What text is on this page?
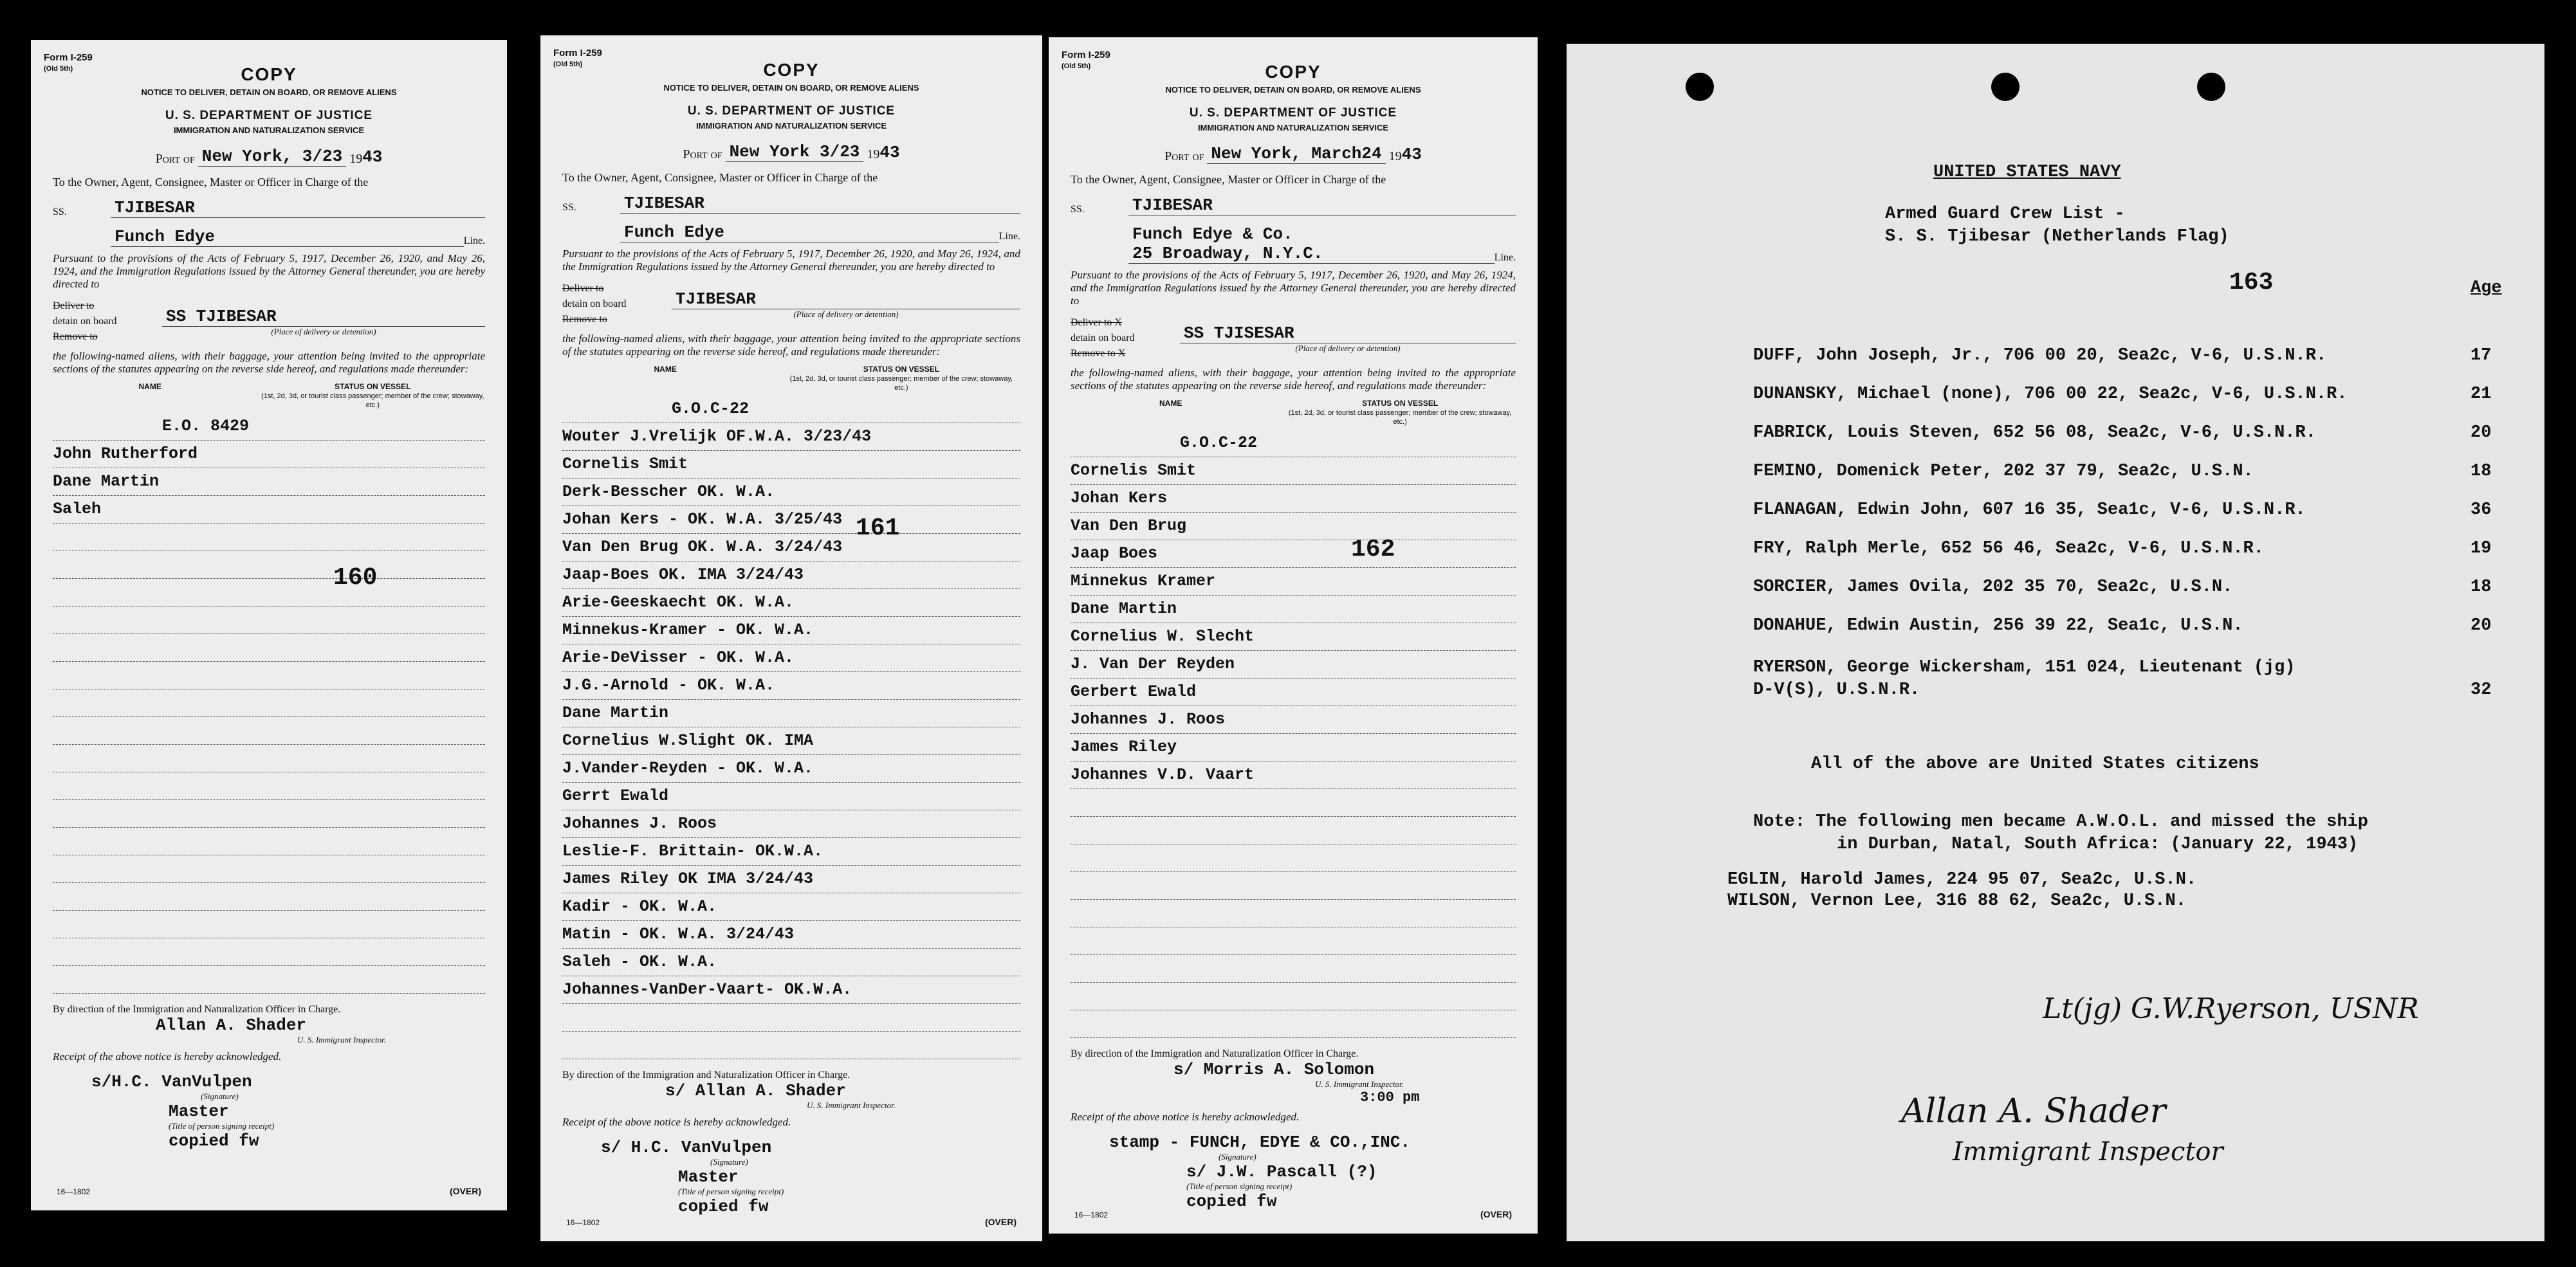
Form I-259
(Old 5th)	COPY
NOTICE TO DELIVER, DETAIN ON BOARD, OR REMOVE ALIENS
U. S. DEPARTMENT OF JUSTICE
IMMIGRATION AND NATURALIZATION SERVICE
Port of
New York, 3/23
19 43
To the Owner, Agent, Consignee, Master or Officer in Charge of the
SS.	TJIBESAR
Funch Edye	Line.
Pursuant to the provisions of the Acts of February 5, 1917, December 26, 1920, and May 26, 1924, and the Immigration Regulations issued by the Attorney General thereunder, you are hereby directed to
Deliver to
detain on board
Remove to
SS TJIBESAR
(Place of delivery or detention)
the following-named aliens, with their baggage, your attention being invited to the appropriate sections of the statutes appearing on the reverse side hereof, and regulations made thereunder:
NAME	STATUS ON VESSEL
(1st, 2d, 3d, or tourist class passenger; member of the crew; stowaway, etc.)
E.O. 8429
John Rutherford
Dane Martin
Saleh
By direction of the Immigration and Naturalization Officer in Charge.
Allan A. Shader
U. S. Immigrant Inspector.
Receipt of the above notice is hereby acknowledged.
s/H.C. VanVulpen
(Signature)
Master
(Title of person signing receipt)
copied fw
16—1802	(OVER)
160
Form I-259
(Old 5th)	COPY
NOTICE TO DELIVER, DETAIN ON BOARD, OR REMOVE ALIENS
U. S. DEPARTMENT OF JUSTICE
IMMIGRATION AND NATURALIZATION SERVICE
Port of
New York 3/23
19 43
To the Owner, Agent, Consignee, Master or Officer in Charge of the
SS.	TJIBESAR
Funch Edye	Line.
Pursuant to the provisions of the Acts of February 5, 1917, December 26, 1920, and May 26, 1924, and the Immigration Regulations issued by the Attorney General thereunder, you are hereby directed to
Deliver to
detain on board
Remove to
TJIBESAR
(Place of delivery or detention)
the following-named aliens, with their baggage, your attention being invited to the appropriate sections of the statutes appearing on the reverse side hereof, and regulations made thereunder:
NAME	STATUS ON VESSEL
(1st, 2d, 3d, or tourist class passenger; member of the crew; stowaway, etc.)
G.O.C-22
Wouter J.Vrelijk OF.W.A. 3/23/43
Cornelis Smit
Derk-Besscher OK. W.A.
Johan Kers - OK. W.A. 3/25/43
Van Den Brug OK. W.A. 3/24/43
Jaap-Boes OK. IMA 3/24/43
Arie-Geeskaecht OK. W.A.
Minnekus-Kramer - OK. W.A.
Arie-DeVisser - OK. W.A.
J.G.-Arnold - OK. W.A.
Dane Martin
Cornelius W.Slight OK. IMA
J.Vander-Reyden - OK. W.A.
Gerrt Ewald
Johannes J. Roos
Leslie-F. Brittain- OK.W.A.
James Riley OK IMA 3/24/43
Kadir - OK. W.A.
Matin - OK. W.A. 3/24/43
Saleh - OK. W.A.
Johannes-VanDer-Vaart- OK.W.A.
By direction of the Immigration and Naturalization Officer in Charge.
s/ Allan A. Shader
U. S. Immigrant Inspector.
Receipt of the above notice is hereby acknowledged.
s/ H.C. VanVulpen
(Signature)
Master
(Title of person signing receipt)
copied fw
16—1802	(OVER)
161
Form I-259
(Old 5th)	COPY
NOTICE TO DELIVER, DETAIN ON BOARD, OR REMOVE ALIENS
U. S. DEPARTMENT OF JUSTICE
IMMIGRATION AND NATURALIZATION SERVICE
Port of
New York, March24
19 43
To the Owner, Agent, Consignee, Master or Officer in Charge of the
SS.	TJIBESAR
Funch Edye & Co.
25 Broadway, N.Y.C.	Line.
Pursuant to the provisions of the Acts of February 5, 1917, December 26, 1920, and May 26, 1924, and the Immigration Regulations issued by the Attorney General thereunder, you are hereby directed to
Deliver to X
detain on board
Remove to X
SS TJISESAR
(Place of delivery or detention)
the following-named aliens, with their baggage, your attention being invited to the appropriate sections of the statutes appearing on the reverse side hereof, and regulations made thereunder:
NAME	STATUS ON VESSEL
(1st, 2d, 3d, or tourist class passenger; member of the crew; stowaway, etc.)
G.O.C-22
Cornelis Smit
Johan Kers
Van Den Brug
Jaap Boes
Minnekus Kramer
Dane Martin
Cornelius W. Slecht
J. Van Der Reyden
Gerbert Ewald
Johannes J. Roos
James Riley
Johannes V.D. Vaart
By direction of the Immigration and Naturalization Officer in Charge.
s/ Morris A. Solomon
U. S. Immigrant Inspector.
3:00 pm
Receipt of the above notice is hereby acknowledged.
stamp - FUNCH, EDYE & CO.,INC.
(Signature)
s/ J.W. Pascall (?)
(Title of person signing receipt)
copied fw
16—1802	(OVER)
162
UNITED STATES NAVY
Armed Guard Crew List -
S. S. Tjibesar (Netherlands Flag)
163	Age
DUFF, John Joseph, Jr., 706 00 20, Sea2c, V-6, U.S.N.R.	17
DUNANSKY, Michael (none), 706 00 22, Sea2c, V-6, U.S.N.R.	21
FABRICK, Louis Steven, 652 56 08, Sea2c, V-6, U.S.N.R.	20
FEMINO, Domenick Peter, 202 37 79, Sea2c, U.S.N.	18
FLANAGAN, Edwin John, 607 16 35, Sea1c, V-6, U.S.N.R.	36
FRY, Ralph Merle, 652 56 46, Sea2c, V-6, U.S.N.R.	19
SORCIER, James Ovila, 202 35 70, Sea2c, U.S.N.	18
DONAHUE, Edwin Austin, 256 39 22, Sea1c, U.S.N.	20
RYERSON, George Wickersham, 151 024, Lieutenant (jg)
D-V(S), U.S.N.R.	32
All of the above are United States citizens
Note: The following men became A.W.O.L. and missed the ship
in Durban, Natal, South Africa: (January 22, 1943)
EGLIN, Harold James, 224 95 07, Sea2c, U.S.N.
WILSON, Vernon Lee, 316 88 62, Sea2c, U.S.N.
Lt(jg) G.W.Ryerson, USNR
Allan A. Shader
Immigrant Inspector
